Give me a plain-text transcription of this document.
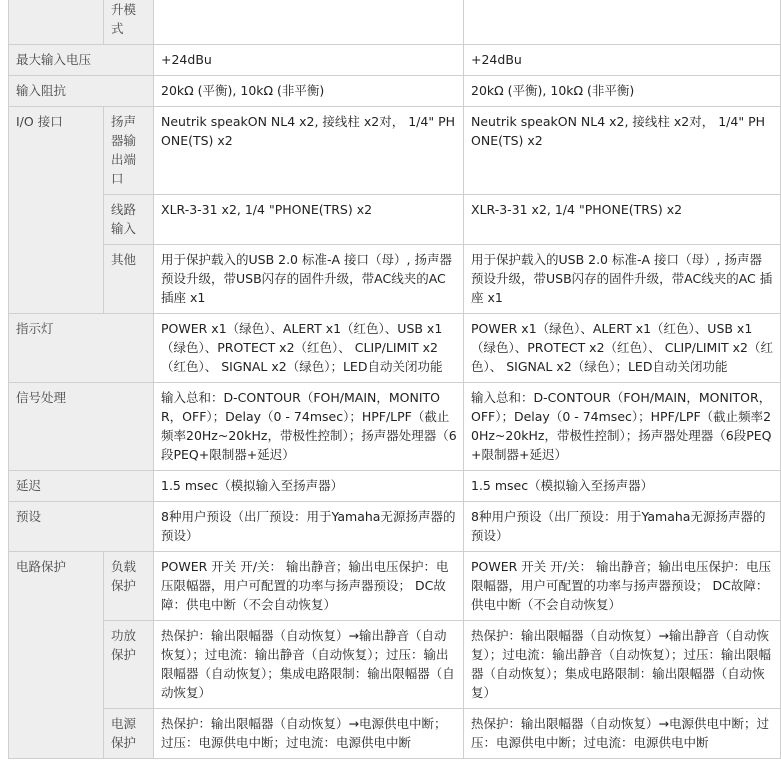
	升模式		
最大输入电压		+24dBu	+24dBu
输入阻抗		20kΩ (平衡), 10kΩ (非平衡)	20kΩ (平衡), 10kΩ (非平衡)
I/O 接口	扬声器输出端口	Neutrik speakON NL4 x2, 接线柱 x2对， 1/4" PHONE(TS) x2	Neutrik speakON NL4 x2, 接线柱 x2对， 1/4" PHONE(TS) x2
	线路输入	XLR-3-31 x2, 1/4 "PHONE(TRS) x2	XLR-3-31 x2, 1/4 "PHONE(TRS) x2
	其他	用于保护载入的USB 2.0 标准-A 接口（母）, 扬声器预设升级，带USB闪存的固件升级，带AC线夹的AC 插座 x1	用于保护载入的USB 2.0 标准-A 接口（母）, 扬声器预设升级，带USB闪存的固件升级，带AC线夹的AC 插座 x1
指示灯		POWER x1（绿色）、ALERT x1（红色）、USB x1（绿色）、PROTECT x2（红色）、 CLIP/LIMIT x2（红色）、 SIGNAL x2（绿色）；LED自动关闭功能	POWER x1（绿色）、ALERT x1（红色）、USB x1（绿色）、PROTECT x2（红色）、 CLIP/LIMIT x2（红色）、 SIGNAL x2（绿色）；LED自动关闭功能
信号处理		输入总和：D-CONTOUR（FOH/MAIN，MONITOR，OFF）；Delay（0 - 74msec）；HPF/LPF（截止频率20Hz~20kHz，带极性控制）；扬声器处理器（6段PEQ+限制器+延迟）	输入总和：D-CONTOUR（FOH/MAIN，MONITOR，OFF）；Delay（0 - 74msec）；HPF/LPF（截止频率20Hz~20kHz，带极性控制）；扬声器处理器（6段PEQ+限制器+延迟）
延迟		1.5 msec（模拟输入至扬声器）	1.5 msec（模拟输入至扬声器）
预设		8种用户预设（出厂预设：用于Yamaha无源扬声器的预设）	8种用户预设（出厂预设：用于Yamaha无源扬声器的预设）
电路保护	负载保护	POWER 开关 开/关： 输出静音；输出电压保护：电压限幅器，用户可配置的功率与扬声器预设； DC故障：供电中断（不会自动恢复）	POWER 开关 开/关： 输出静音；输出电压保护：电压限幅器，用户可配置的功率与扬声器预设； DC故障：供电中断（不会自动恢复）
	功放保护	热保护：输出限幅器（自动恢复）→输出静音（自动恢复）；过电流：输出静音（自动恢复）；过压：输出限幅器（自动恢复）；集成电路限制：输出限幅器（自动恢复）	热保护：输出限幅器（自动恢复）→输出静音（自动恢复）；过电流：输出静音（自动恢复）；过压：输出限幅器（自动恢复）；集成电路限制：输出限幅器（自动恢复）
	电源保护	热保护：输出限幅器（自动恢复）→电源供电中断；过压：电源供电中断；过电流：电源供电中断	热保护：输出限幅器（自动恢复）→电源供电中断；过压：电源供电中断；过电流：电源供电中断
